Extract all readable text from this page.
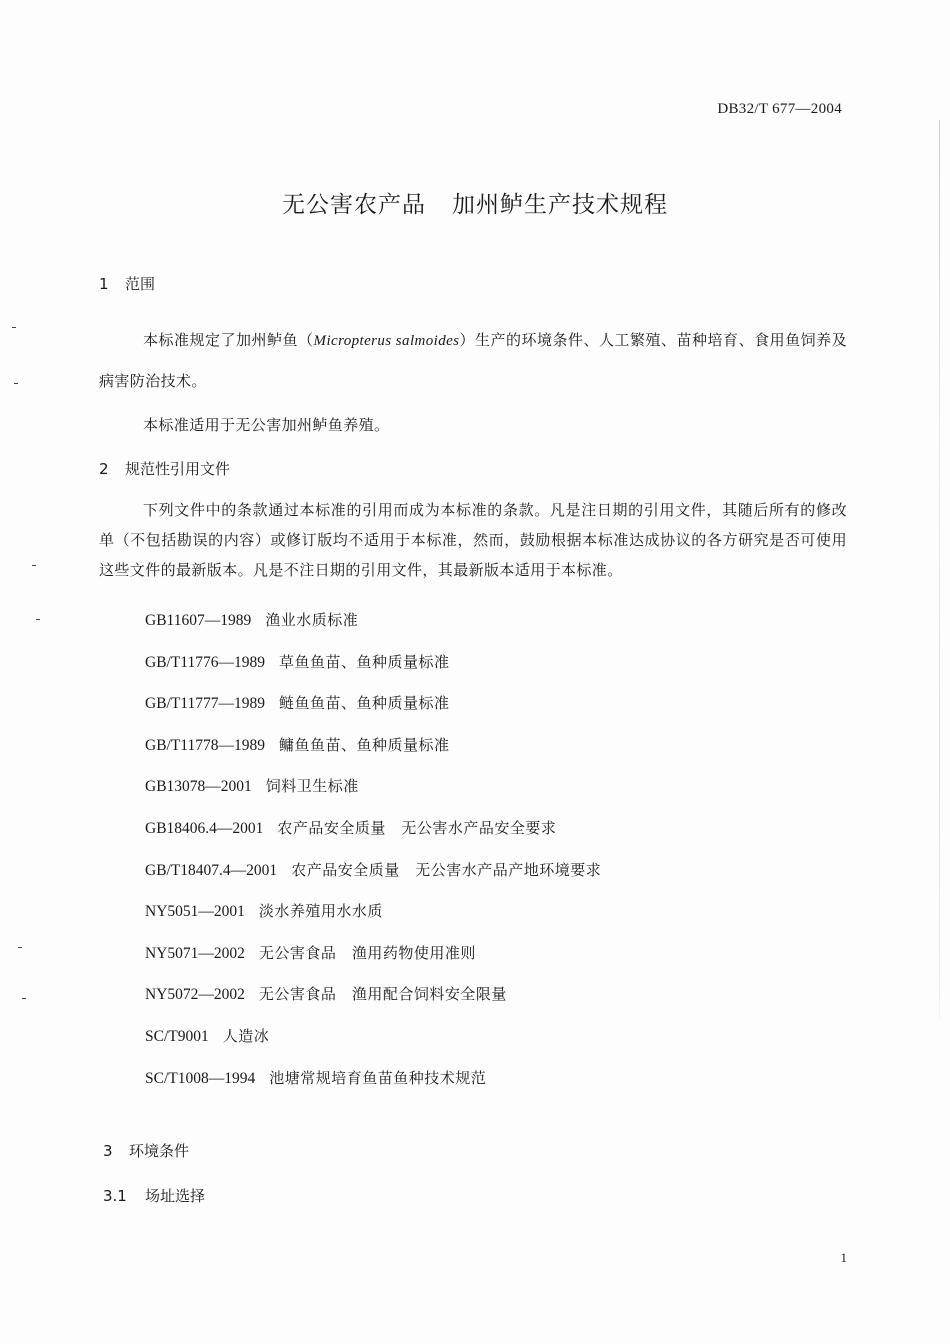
DB32/T 677—2004
无公害农产品 加州鲈生产技术规程
1 范围
本标准规定了加州鲈鱼（Micropterus salmoides）生产的环境条件、人工繁殖、苗种培育、食用鱼饲养及病害防治技术。
本标准适用于无公害加州鲈鱼养殖。
2 规范性引用文件
下列文件中的条款通过本标准的引用而成为本标准的条款。凡是注日期的引用文件，其随后所有的修改单（不包括勘误的内容）或修订版均不适用于本标准，然而，鼓励根据本标准达成协议的各方研究是否可使用这些文件的最新版本。凡是不注日期的引用文件，其最新版本适用于本标准。
GB11607—1989 渔业水质标准
GB/T11776—1989 草鱼鱼苗、鱼种质量标准
GB/T11777—1989 鲢鱼鱼苗、鱼种质量标准
GB/T11778—1989 鳙鱼鱼苗、鱼种质量标准
GB13078—2001 饲料卫生标准
GB18406.4—2001 农产品安全质量　无公害水产品安全要求
GB/T18407.4—2001 农产品安全质量　无公害水产品产地环境要求
NY5051—2001 淡水养殖用水水质
NY5071—2002 无公害食品　渔用药物使用准则
NY5072—2002 无公害食品　渔用配合饲料安全限量
SC/T9001 人造冰
SC/T1008—1994 池塘常规培育鱼苗鱼种技术规范
3 环境条件
3.1 场址选择
1
